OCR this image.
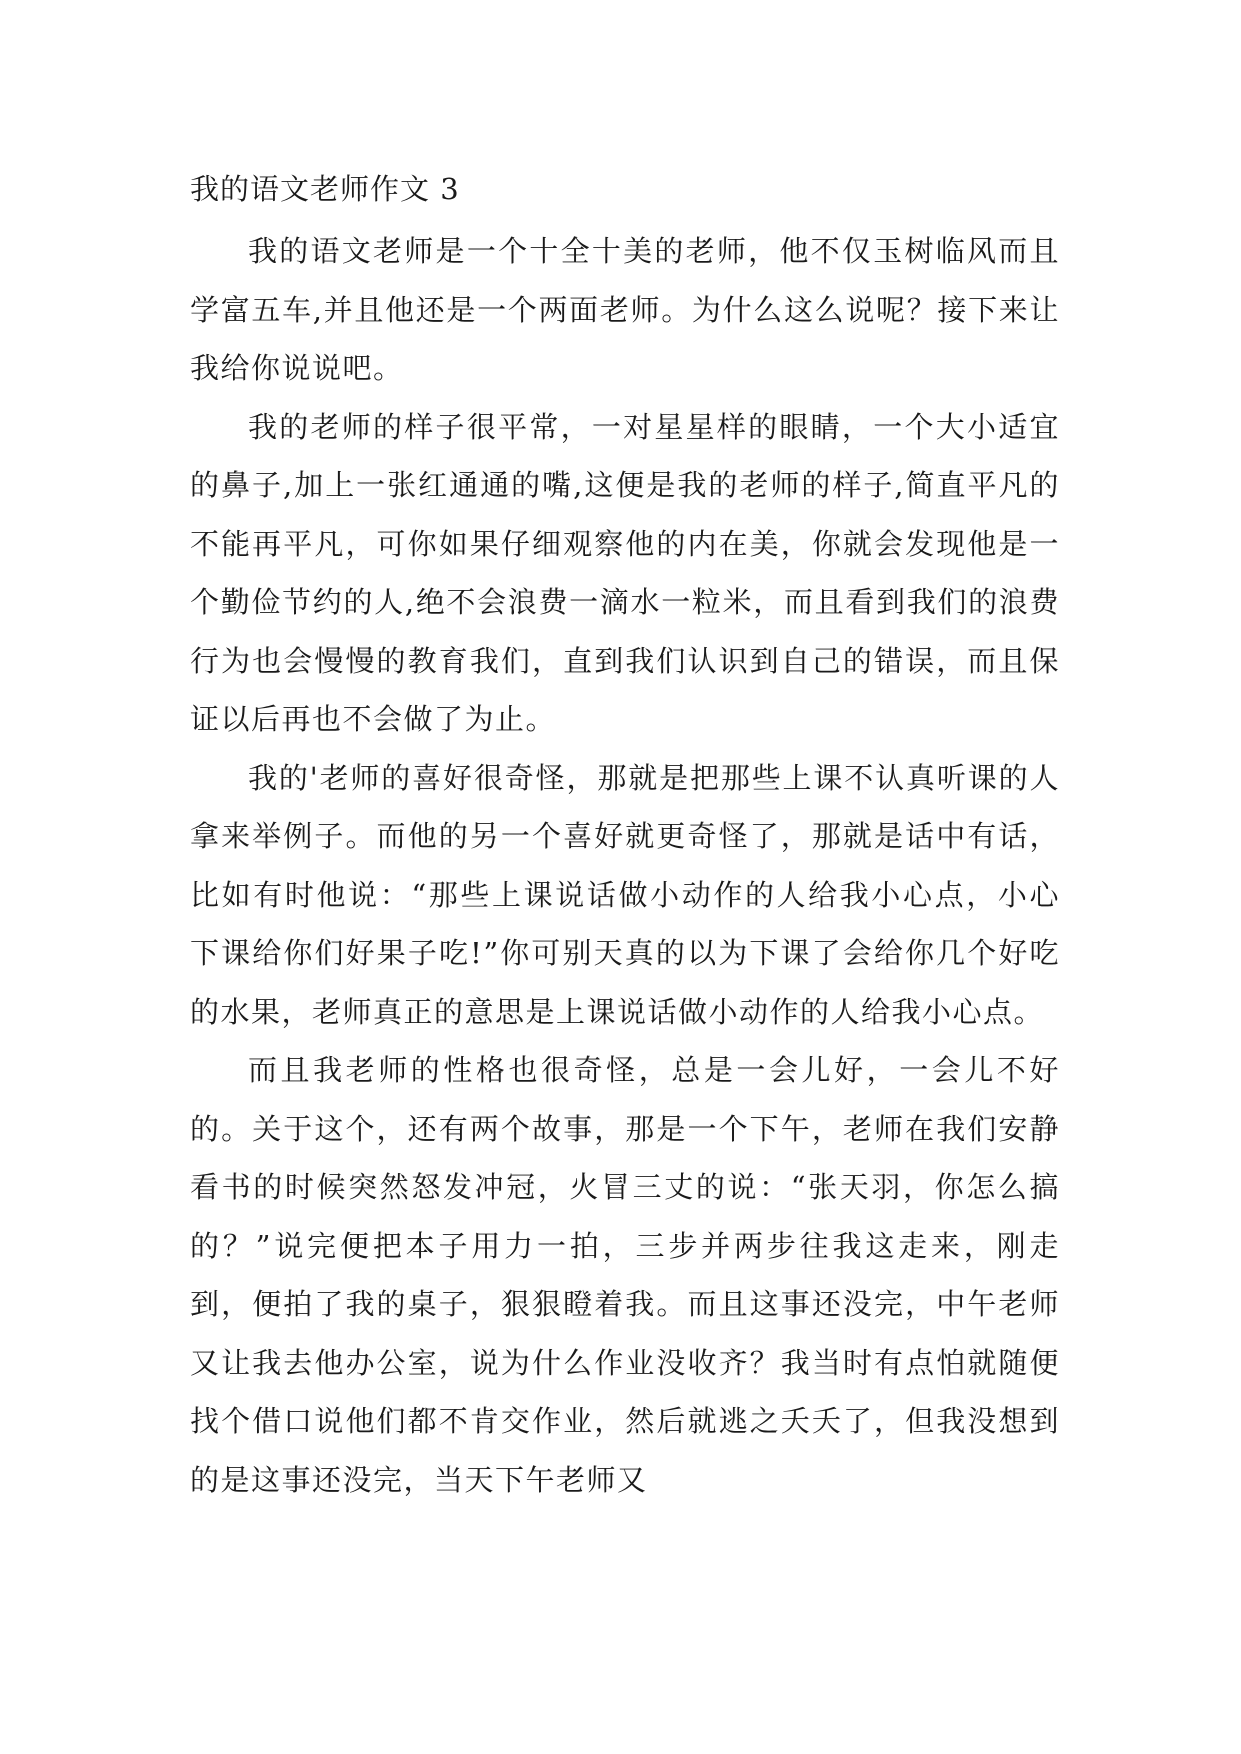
我的语文老师作文 3

我的语文老师是一个十全十美的老师，他不仅玉树临风而且学富五车,并且他还是一个两面老师。为什么这么说呢？接下来让我给你说说吧。

我的老师的样子很平常，一对星星样的眼睛，一个大小适宜的鼻子,加上一张红通通的嘴,这便是我的老师的样子,简直平凡的不能再平凡，可你如果仔细观察他的内在美，你就会发现他是一个勤俭节约的人,绝不会浪费一滴水一粒米，而且看到我们的浪费行为也会慢慢的教育我们，直到我们认识到自己的错误，而且保证以后再也不会做了为止。

我的'老师的喜好很奇怪，那就是把那些上课不认真听课的人拿来举例子。而他的另一个喜好就更奇怪了，那就是话中有话，比如有时他说：“那些上课说话做小动作的人给我小心点，小心下课给你们好果子吃!”你可别天真的以为下课了会给你几个好吃的水果，老师真正的意思是上课说话做小动作的人给我小心点。

而且我老师的性格也很奇怪，总是一会儿好，一会儿不好的。关于这个，还有两个故事，那是一个下午，老师在我们安静看书的时候突然怒发冲冠，火冒三丈的说：“张天羽，你怎么搞的？”说完便把本子用力一拍，三步并两步往我这走来，刚走到，便拍了我的桌子，狠狠瞪着我。而且这事还没完，中午老师又让我去他办公室，说为什么作业没收齐？我当时有点怕就随便找个借口说他们都不肯交作业，然后就逃之夭夭了，但我没想到的是这事还没完，当天下午老师又
